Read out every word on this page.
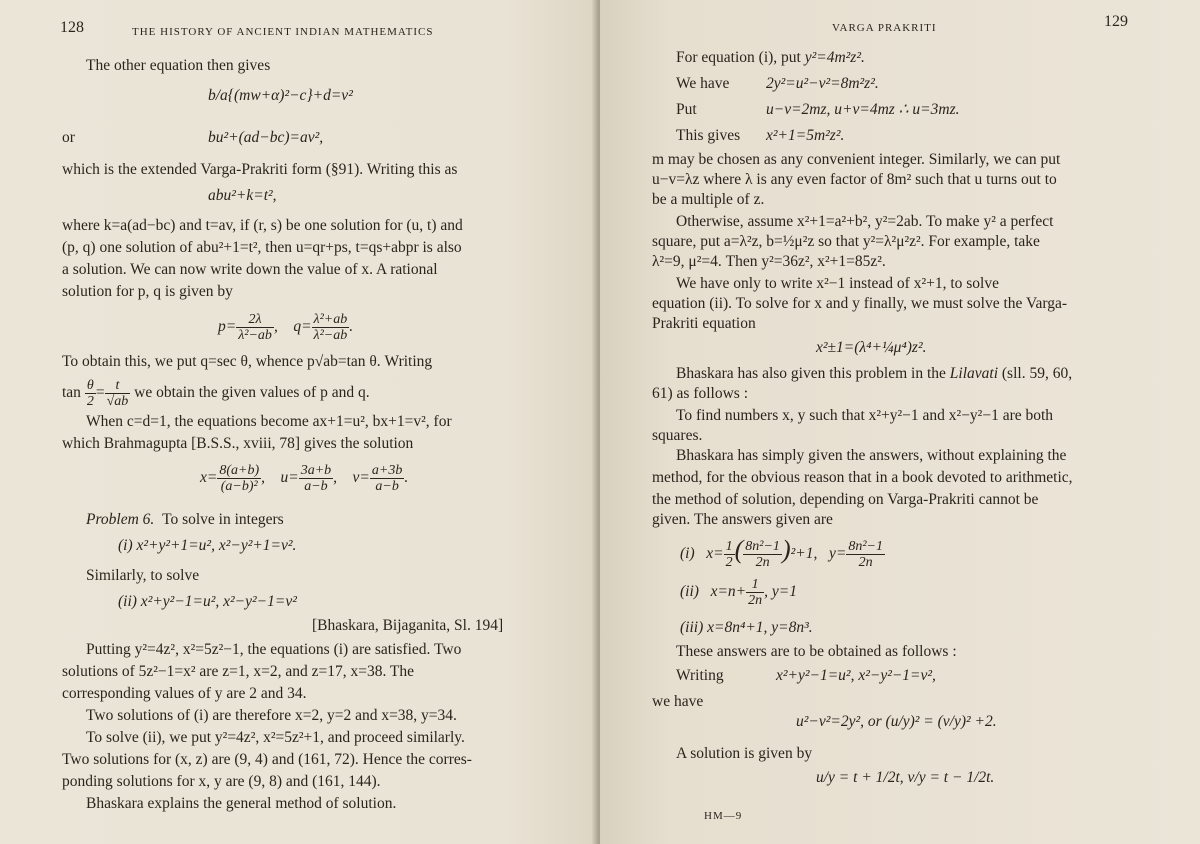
128	THE HISTORY OF ANCIENT INDIAN MATHEMATICS
The other equation then gives
b/a{(mw+α)²−c}+d=v²
or	bu²+(ad−bc)=av²,
which is the extended Varga-Prakriti form (§91). Writing this as
abu²+k=t²,
where k=a(ad−bc) and t=av, if (r, s) be one solution for (u, t) and
(p, q) one solution of abu²+1=t², then u=qr+ps, t=qs+abpr is also
a solution. We can now write down the value of x. A rational
solution for p, q is given by
$p= \frac{2\lambda}{\text{λ²−ab}}$ ,    $q= \frac{\text{λ²+ab}}{\text{λ²−ab}}$ .
To obtain this, we put q=sec θ, whence p√ab=tan θ. Writing
$\tan \frac{\theta}{2} = \frac{t}{√ab}$ we obtain the given values of p and q.
When c=d=1, the equations become ax+1=u², bx+1=v², for
which Brahmagupta [B.S.S., xviii, 78] gives the solution
$x= \frac{8(a+b)}{\text{(a−b)²}}$ ,    $u= \frac{3a+b}{a-b}$ ,    $v= \frac{a+3b}{a-b}$ .
Problem 6. To solve in integers
(i) x²+y²+1=u², x²−y²+1=v².
Similarly, to solve
(ii) x²+y²−1=u², x²−y²−1=v²
[Bhaskara, Bijaganita, Sl. 194]
Putting y²=4z², x²=5z²−1, the equations (i) are satisfied. Two
solutions of 5z²−1=x² are z=1, x=2, and z=17, x=38. The
corresponding values of y are 2 and 34.
Two solutions of (i) are therefore x=2, y=2 and x=38, y=34.
To solve (ii), we put y²=4z², x²=5z²+1, and proceed similarly.
Two solutions for (x, z) are (9, 4) and (161, 72). Hence the corres-
ponding solutions for x, y are (9, 8) and (161, 144).
Bhaskara explains the general method of solution.
VARGA PRAKRITI	129
For equation (i), put y²=4m²z².
We have 2y²=u²−v²=8m²z².
Put	u−v=2mz, u+v=4mz ∴ u=3mz.
This gives x²+1=5m²z².
m may be chosen as any convenient integer. Similarly, we can put
u−v=λz where λ is any even factor of 8m² such that u turns out to
be a multiple of z.
Otherwise, assume x²+1=a²+b², y²=2ab. To make y² a perfect
square, put a=λ²z, b=½μ²z so that y²=λ²μ²z². For example, take
λ²=9, μ²=4. Then y²=36z², x²+1=85z².
We have only to write x²−1 instead of x²+1, to solve
equation (ii). To solve for x and y finally, we must solve the Varga-
Prakriti equation
x²±1=(λ⁴+¼μ⁴)z².
Bhaskara has also given this problem in the Lilavati (sll. 59, 60,
61) as follows :
To find numbers x, y such that x²+y²−1 and x²−y²−1 are both
squares.
Bhaskara has simply given the answers, without explaining the
method, for the obvious reason that in a book devoted to arithmetic,
the method of solution, depending on Varga-Prakriti cannot be
given. The answers given are
(i) $x= \frac{1}{2}$ ( $\frac{\text{8n²−1}}{2n} )^2+1$, $y= \frac{\text{8n²−1}}{2n}$
(ii) $x=n+ \frac{1}{2n}$ , y=1
(iii) x=8n⁴+1, y=8n³.
These answers are to be obtained as follows :
Writing	x²+y²−1=u², x²−y²−1=v²,
we have
u²−v²=2y², or (u/y)² = (v/y)² +2.
A solution is given by
u/y = t + 1/2t, v/y = t − 1/2t.
HM—9
